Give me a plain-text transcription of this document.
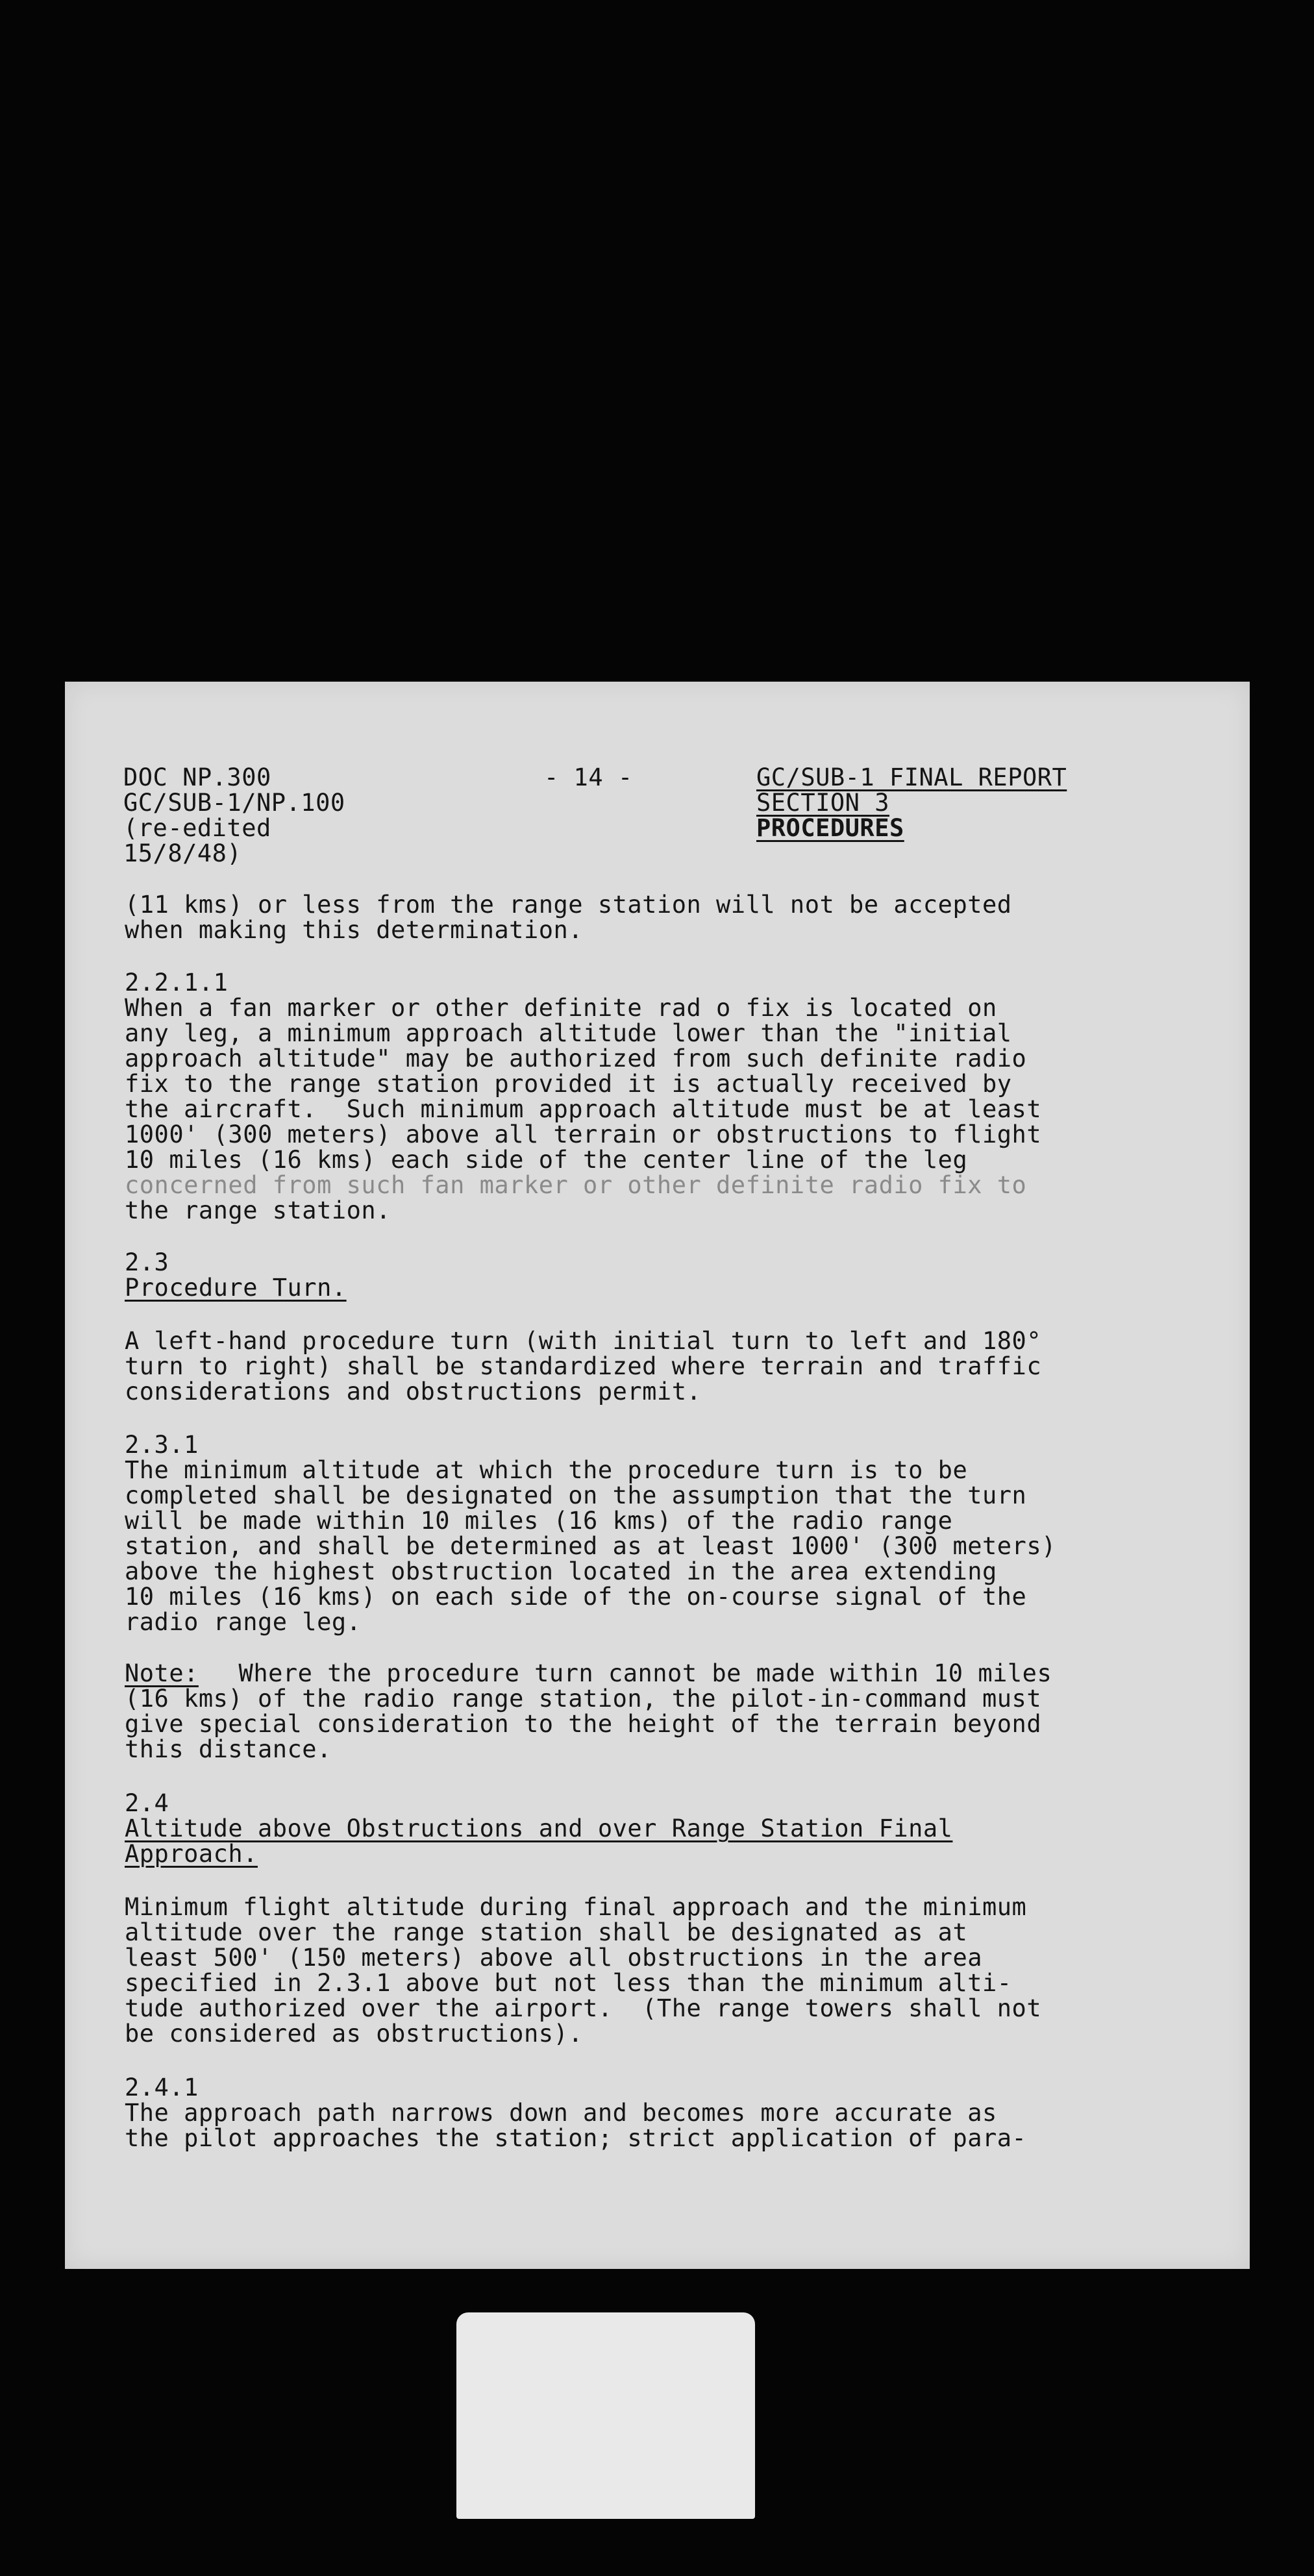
DOC NP.300
GC/SUB-1/NP.100
(re-edited
15/8/48)
- 14 -	GC/SUB-1 FINAL REPORT
SECTION 3
PROCEDURES
(11 kms) or less from the range station will not be accepted
when making this determination.
2.2.1.1
When a fan marker or other definite rad o fix is located on
any leg, a minimum approach altitude lower than the "initial
approach altitude" may be authorized from such definite radio
fix to the range station provided it is actually received by
the aircraft.  Such minimum approach altitude must be at least
1000' (300 meters) above all terrain or obstructions to flight
10 miles (16 kms) each side of the center line of the leg
concerned from such fan marker or other definite radio fix to
the range station.
2.3
Procedure Turn.
A left-hand procedure turn (with initial turn to left and 180°
turn to right) shall be standardized where terrain and traffic
considerations and obstructions permit.
2.3.1
The minimum altitude at which the procedure turn is to be
completed shall be designated on the assumption that the turn
will be made within 10 miles (16 kms) of the radio range
station, and shall be determined as at least 1000' (300 meters)
above the highest obstruction located in the area extending
10 miles (16 kms) on each side of the on-course signal of the
radio range leg.
Note: Where the procedure turn cannot be made within 10 miles
(16 kms) of the radio range station, the pilot-in-command must
give special consideration to the height of the terrain beyond
this distance.
2.4
Altitude above Obstructions and over Range Station Final
Approach.
Minimum flight altitude during final approach and the minimum
altitude over the range station shall be designated as at
least 500' (150 meters) above all obstructions in the area
specified in 2.3.1 above but not less than the minimum alti-
tude authorized over the airport.  (The range towers shall not
be considered as obstructions).
2.4.1
The approach path narrows down and becomes more accurate as
the pilot approaches the station; strict application of para-
